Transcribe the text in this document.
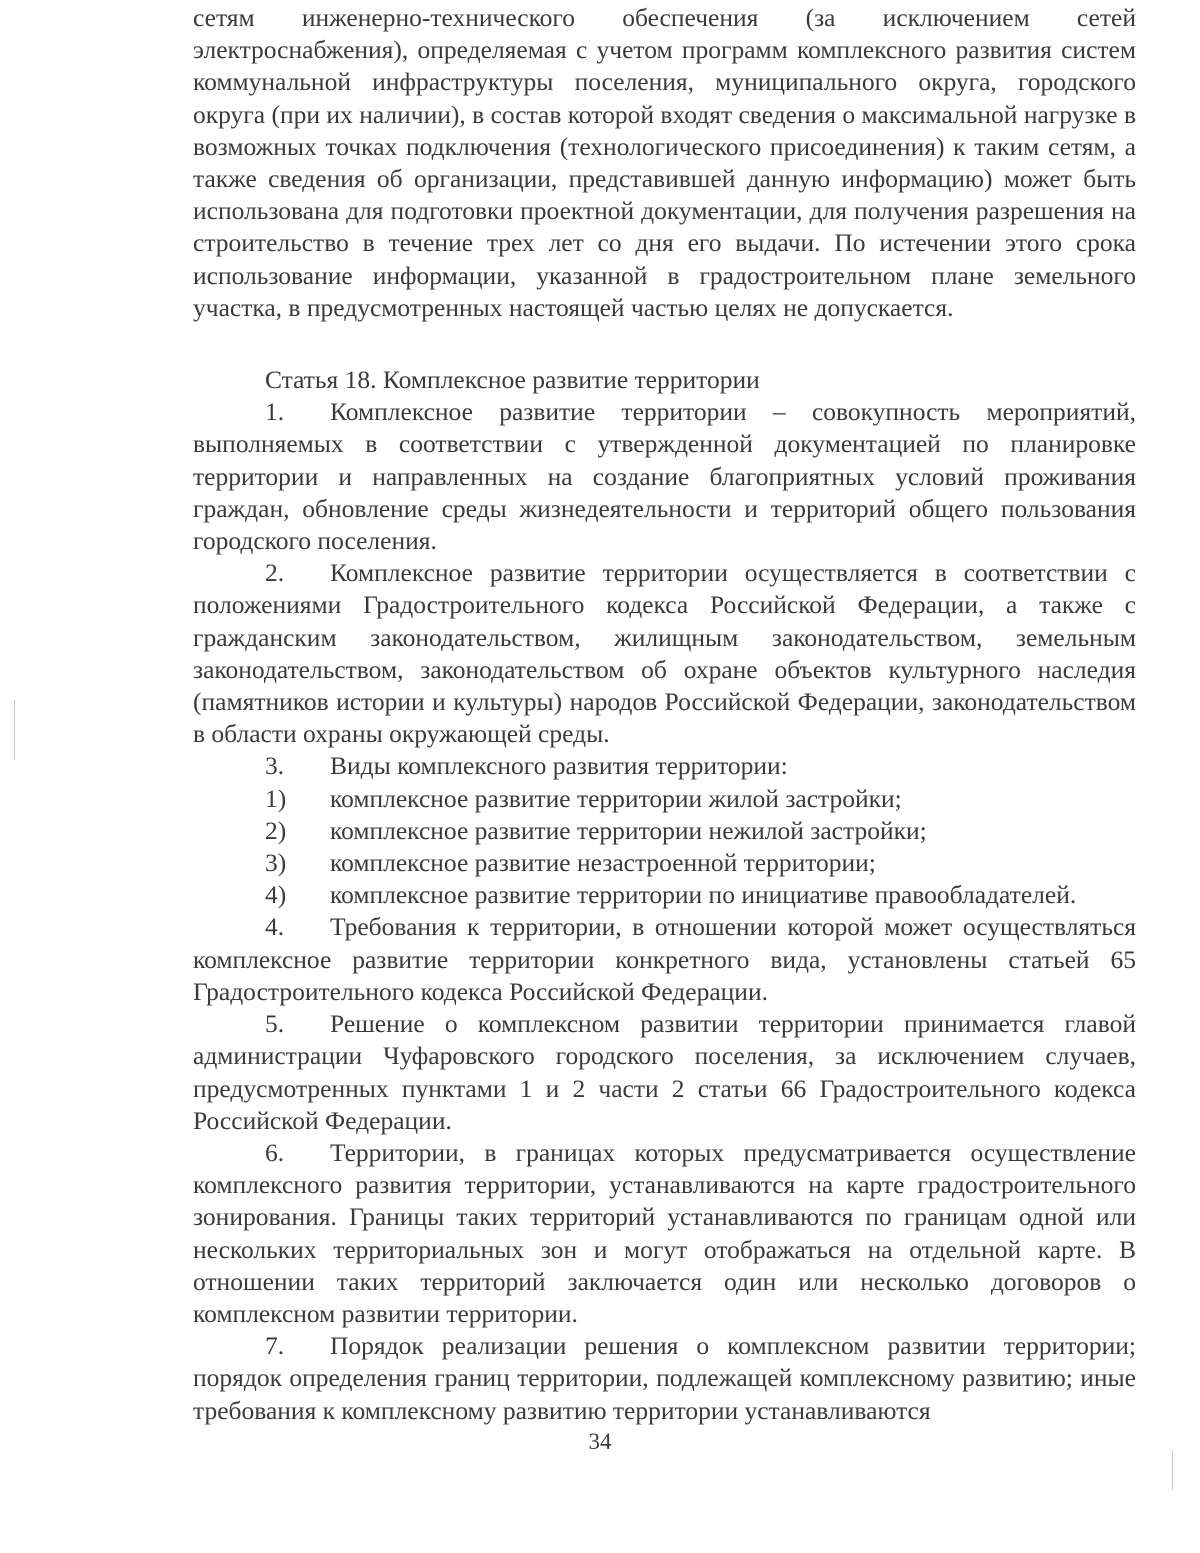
сетям инженерно-технического обеспечения (за исключением сетей электроснабжения), определяемая с учетом программ комплексного развития систем коммунальной инфраструктуры поселения, муниципального округа, городского округа (при их наличии), в состав которой входят сведения о максимальной нагрузке в возможных точках подключения (технологического присоединения) к таким сетям, а также сведения об организации, представившей данную информацию) может быть использована для подготовки проектной документации, для получения разрешения на строительство в течение трех лет со дня его выдачи. По истечении этого срока использование информации, указанной в градостроительном плане земельного участка, в предусмотренных настоящей частью целях не допускается.

Статья 18. Комплексное развитие территории

1. Комплексное развитие территории – совокупность мероприятий, выполняемых в соответствии с утвержденной документацией по планировке территории и направленных на создание благоприятных условий проживания граждан, обновление среды жизнедеятельности и территорий общего пользования городского поселения.

2. Комплексное развитие территории осуществляется в соответствии с положениями Градостроительного кодекса Российской Федерации, а также с гражданским законодательством, жилищным законодательством, земельным законодательством, законодательством об охране объектов культурного наследия (памятников истории и культуры) народов Российской Федерации, законодательством в области охраны окружающей среды.

3. Виды комплексного развития территории:

1)	комплексное развитие территории жилой застройки;
2)	комплексное развитие территории нежилой застройки;
3)	комплексное развитие незастроенной территории;
4)	комплексное развитие территории по инициативе правообладателей.

4. Требования к территории, в отношении которой может осуществляться комплексное развитие территории конкретного вида, установлены статьей 65 Градостроительного кодекса Российской Федерации.

5. Решение о комплексном развитии территории принимается главой администрации Чуфаровского городского поселения, за исключением случаев, предусмотренных пунктами 1 и 2 части 2 статьи 66 Градостроительного кодекса Российской Федерации.

6. Территории, в границах которых предусматривается осуществление комплексного развития территории, устанавливаются на карте градостроительного зонирования. Границы таких территорий устанавливаются по границам одной или нескольких территориальных зон и могут отображаться на отдельной карте. В отношении таких территорий заключается один или несколько договоров о комплексном развитии территории.

7. Порядок реализации решения о комплексном развитии территории; порядок определения границ территории, подлежащей комплексному развитию; иные требования к комплексному развитию территории устанавливаются

34
